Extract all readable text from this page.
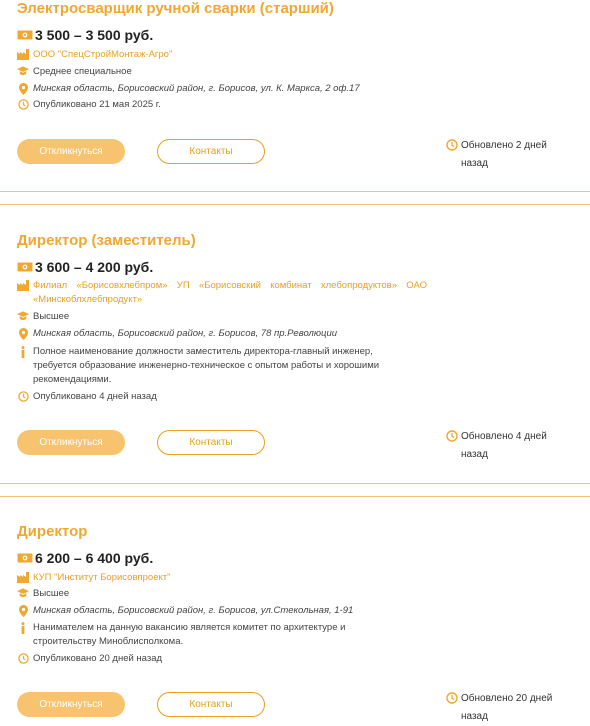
Электросварщик ручной сварки (старший)
3 500 – 3 500 руб.
ООО "СпецСтройМонтаж-Агро"
Среднее специальное
Минская область, Борисовский район, г. Борисов, ул. К. Маркса, 2 оф.17
Опубликовано 21 мая 2025 г.
Откликнуться	Контакты
Обновлено 2 дней
назад
Директор (заместитель)
3 600 – 4 200 руб.
Филиал «Борисовхлебпром» УП «Борисовский комбинат хлебопродуктов» ОАО
«Минскоблхлебпродукт»
Высшее
Минская область, Борисовский район, г. Борисов, 78 пр.Революции
Полное наименование должности заместитель директора-главный инженер,
требуется образование инженерно-техническое с опытом работы и хорошими
рекомендациями.
Опубликовано 4 дней назад
Откликнуться	Контакты
Обновлено 4 дней
назад
Директор
6 200 – 6 400 руб.
КУП "Институт Борисовпроект"
Высшее
Минская область, Борисовский район, г. Борисов, ул.Стекольная, 1-91
Нанимателем на данную вакансию является комитет по архитектуре и
строительству Миноблисполкома.
Опубликовано 20 дней назад
Откликнуться	Контакты
Обновлено 20 дней
назад
